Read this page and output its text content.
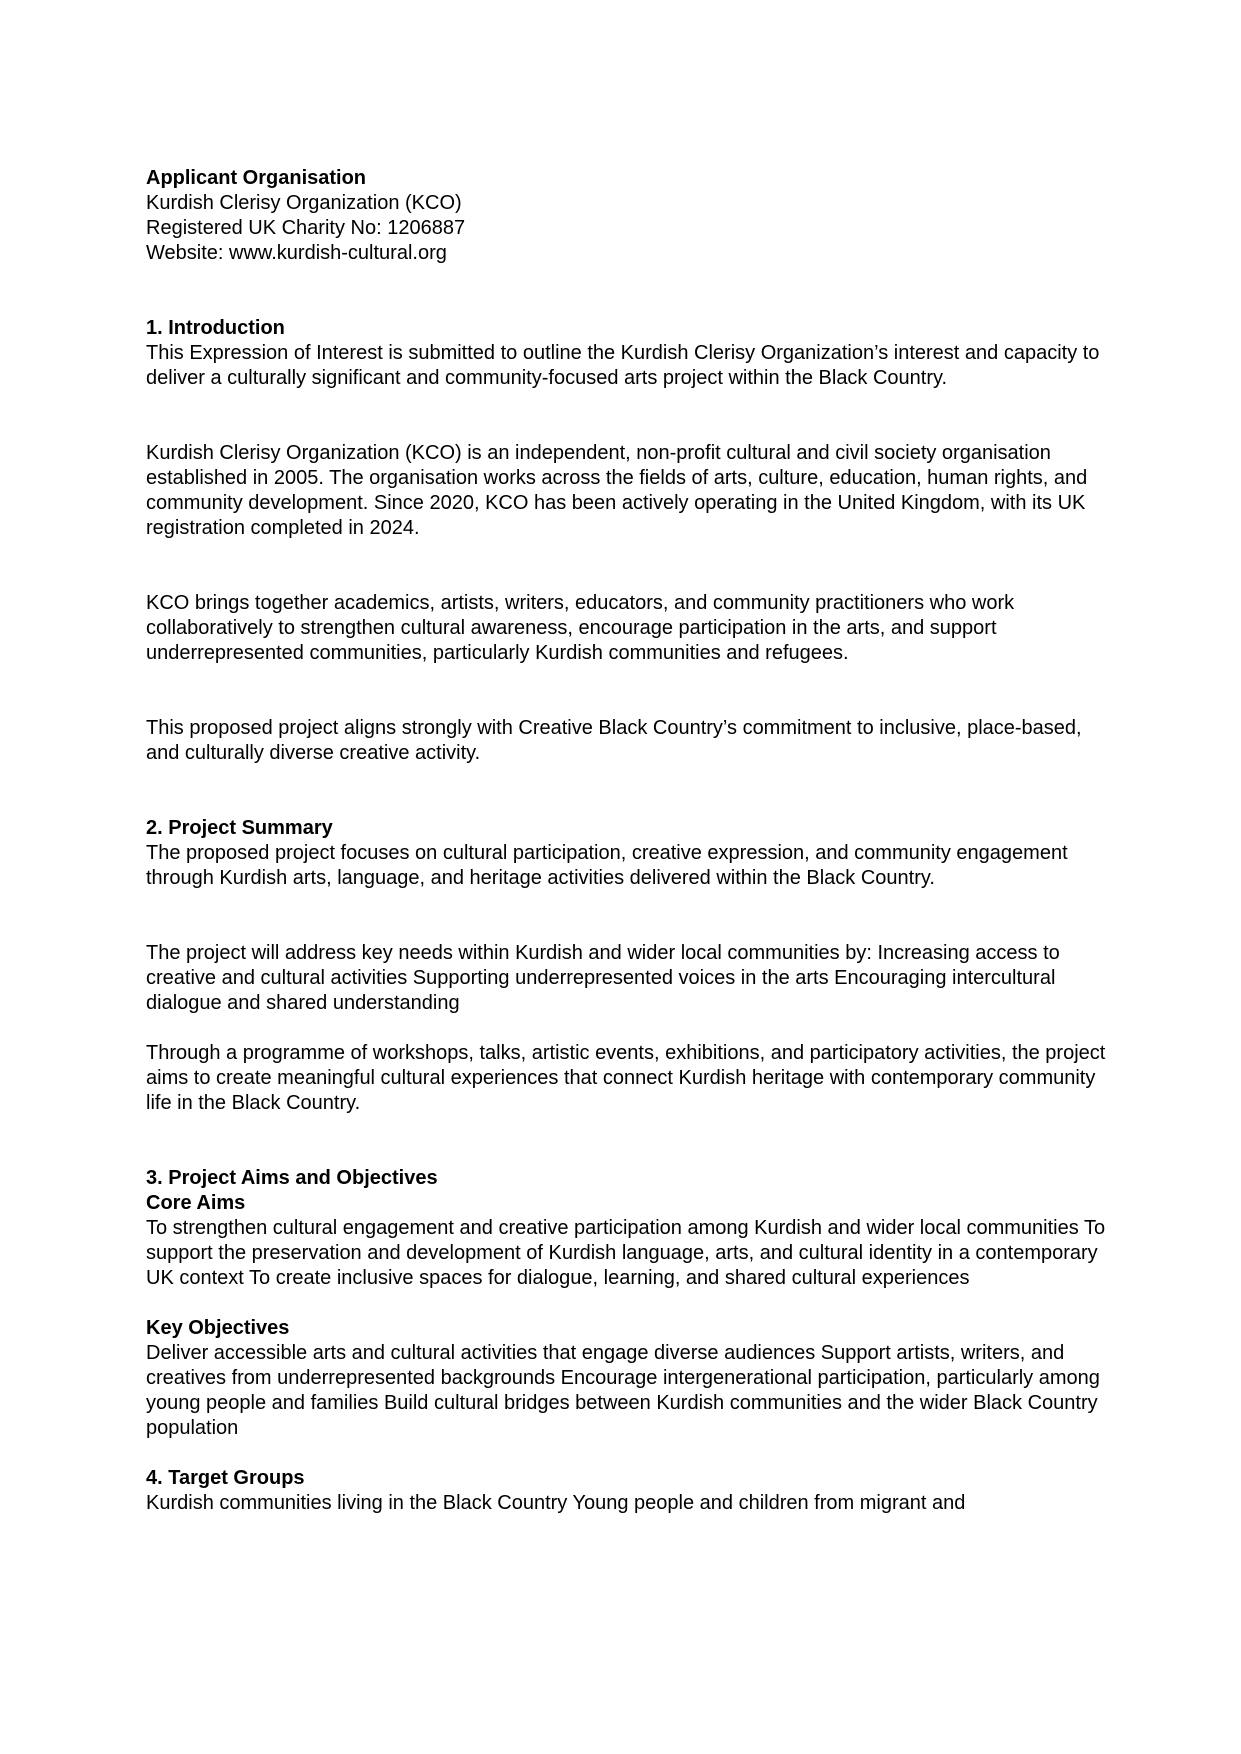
Applicant Organisation
Kurdish Clerisy Organization (KCO)
Registered UK Charity No: 1206887
Website: www.kurdish-cultural.org

1. Introduction
This Expression of Interest is submitted to outline the Kurdish Clerisy Organization’s interest and capacity to deliver a culturally significant and community-focused arts project within the Black Country.

Kurdish Clerisy Organization (KCO) is an independent, non-profit cultural and civil society organisation established in 2005. The organisation works across the fields of arts, culture, education, human rights, and community development. Since 2020, KCO has been actively operating in the United Kingdom, with its UK registration completed in 2024.

KCO brings together academics, artists, writers, educators, and community practitioners who work collaboratively to strengthen cultural awareness, encourage participation in the arts, and support underrepresented communities, particularly Kurdish communities and refugees.

This proposed project aligns strongly with Creative Black Country’s commitment to inclusive, place-based, and culturally diverse creative activity.

2. Project Summary
The proposed project focuses on cultural participation, creative expression, and community engagement through Kurdish arts, language, and heritage activities delivered within the Black Country.

The project will address key needs within Kurdish and wider local communities by: Increasing access to creative and cultural activities Supporting underrepresented voices in the arts Encouraging intercultural dialogue and shared understanding

Through a programme of workshops, talks, artistic events, exhibitions, and participatory activities, the project aims to create meaningful cultural experiences that connect Kurdish heritage with contemporary community life in the Black Country.

3. Project Aims and Objectives
Core Aims
To strengthen cultural engagement and creative participation among Kurdish and wider local communities To support the preservation and development of Kurdish language, arts, and cultural identity in a contemporary UK context To create inclusive spaces for dialogue, learning, and shared cultural experiences

Key Objectives
Deliver accessible arts and cultural activities that engage diverse audiences Support artists, writers, and creatives from underrepresented backgrounds Encourage intergenerational participation, particularly among young people and families Build cultural bridges between Kurdish communities and the wider Black Country population

4. Target Groups
Kurdish communities living in the Black Country Young people and children from migrant and
